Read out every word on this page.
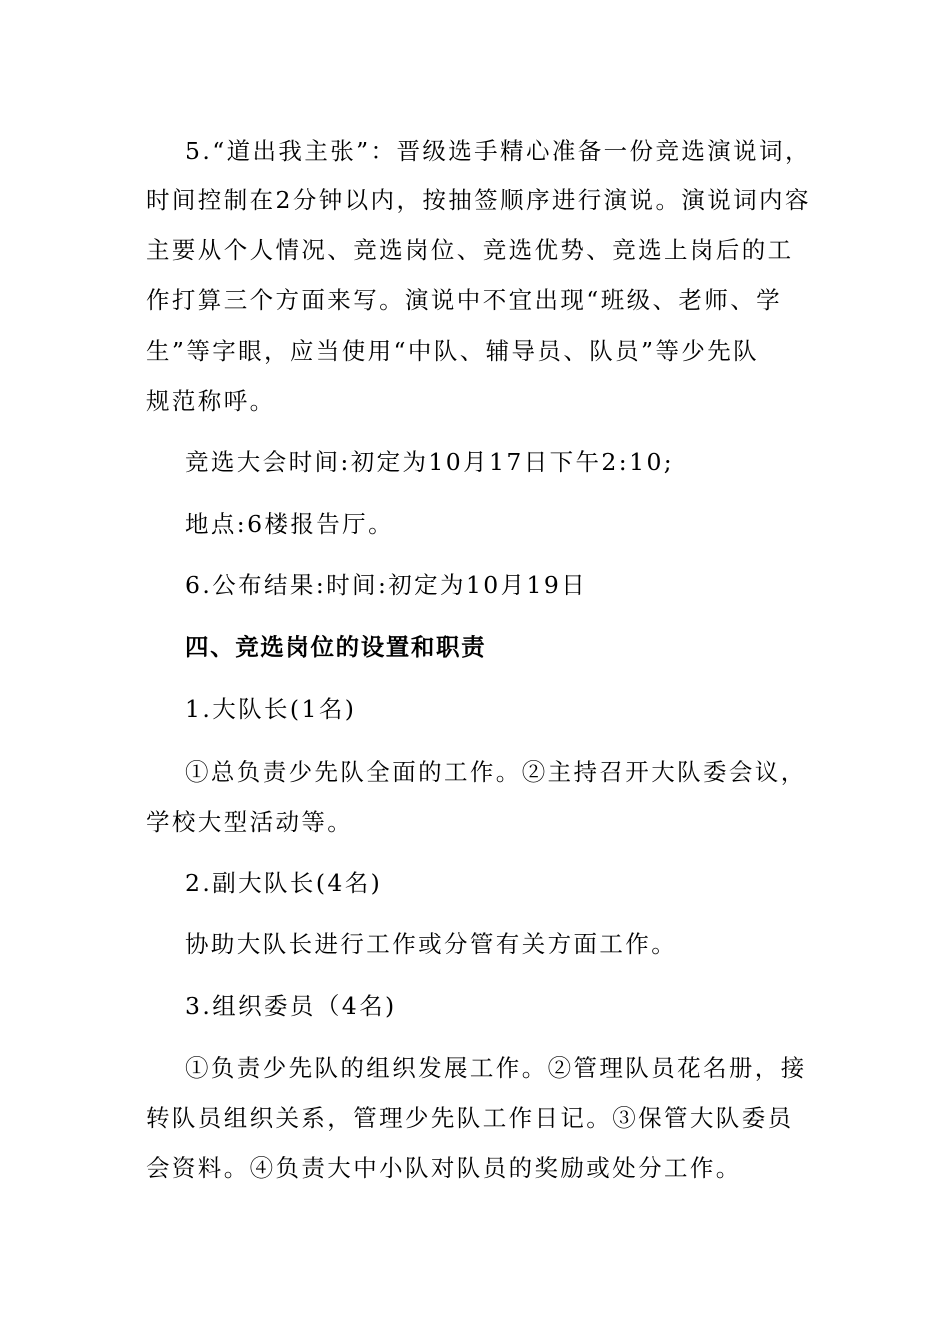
5.“道出我主张”：晋级选手精心准备一份竞选演说词，
时间控制在2分钟以内，按抽签顺序进行演说。演说词内容
主要从个人情况、竞选岗位、竞选优势、竞选上岗后的工
作打算三个方面来写。演说中不宜出现“班级、老师、学
生”等字眼，应当使用“中队、辅导员、队员”等少先队
规范称呼。
竞选大会时间:初定为10月17日下午2:10;
地点:6楼报告厅。
6.公布结果:时间:初定为10月19日
四、竞选岗位的设置和职责
1.大队长(1名)
①总负责少先队全面的工作。②主持召开大队委会议，
学校大型活动等。
2.副大队长(4名)
协助大队长进行工作或分管有关方面工作。
3.组织委员（4名)
①负责少先队的组织发展工作。②管理队员花名册，接
转队员组织关系，管理少先队工作日记。③保管大队委员
会资料。④负责大中小队对队员的奖励或处分工作。
